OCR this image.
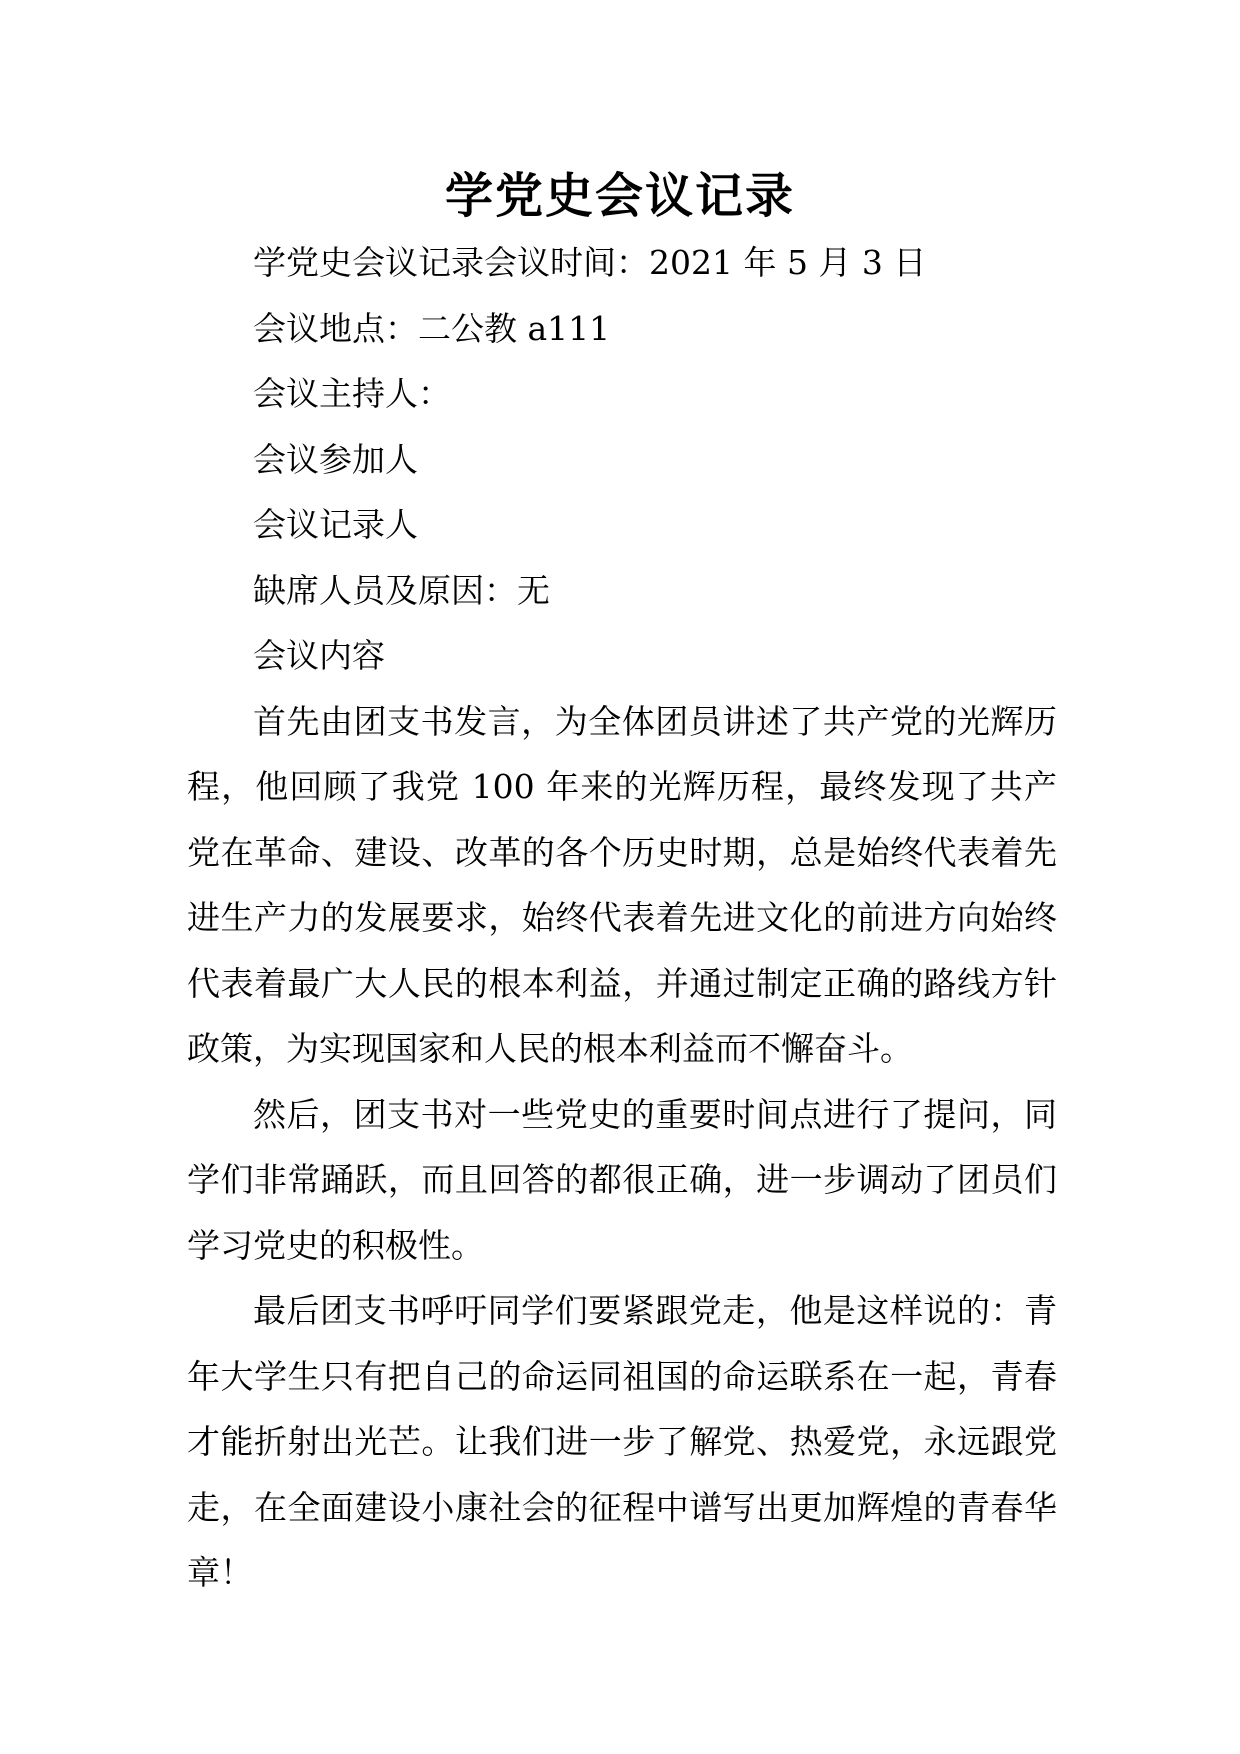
学党史会议记录

学党史会议记录会议时间：2021 年 5 月 3 日

会议地点：二公教 a111

会议主持人：

会议参加人

会议记录人

缺席人员及原因：无

会议内容

首先由团支书发言，为全体团员讲述了共产党的光辉历程，他回顾了我党 100 年来的光辉历程，最终发现了共产党在革命、建设、改革的各个历史时期，总是始终代表着先进生产力的发展要求，始终代表着先进文化的前进方向始终代表着最广大人民的根本利益，并通过制定正确的路线方针政策，为实现国家和人民的根本利益而不懈奋斗。

然后，团支书对一些党史的重要时间点进行了提问，同学们非常踊跃，而且回答的都很正确，进一步调动了团员们学习党史的积极性。

最后团支书呼吁同学们要紧跟党走，他是这样说的：青年大学生只有把自己的命运同祖国的命运联系在一起，青春才能折射出光芒。让我们进一步了解党、热爱党，永远跟党走，在全面建设小康社会的征程中谱写出更加辉煌的青春华章！
